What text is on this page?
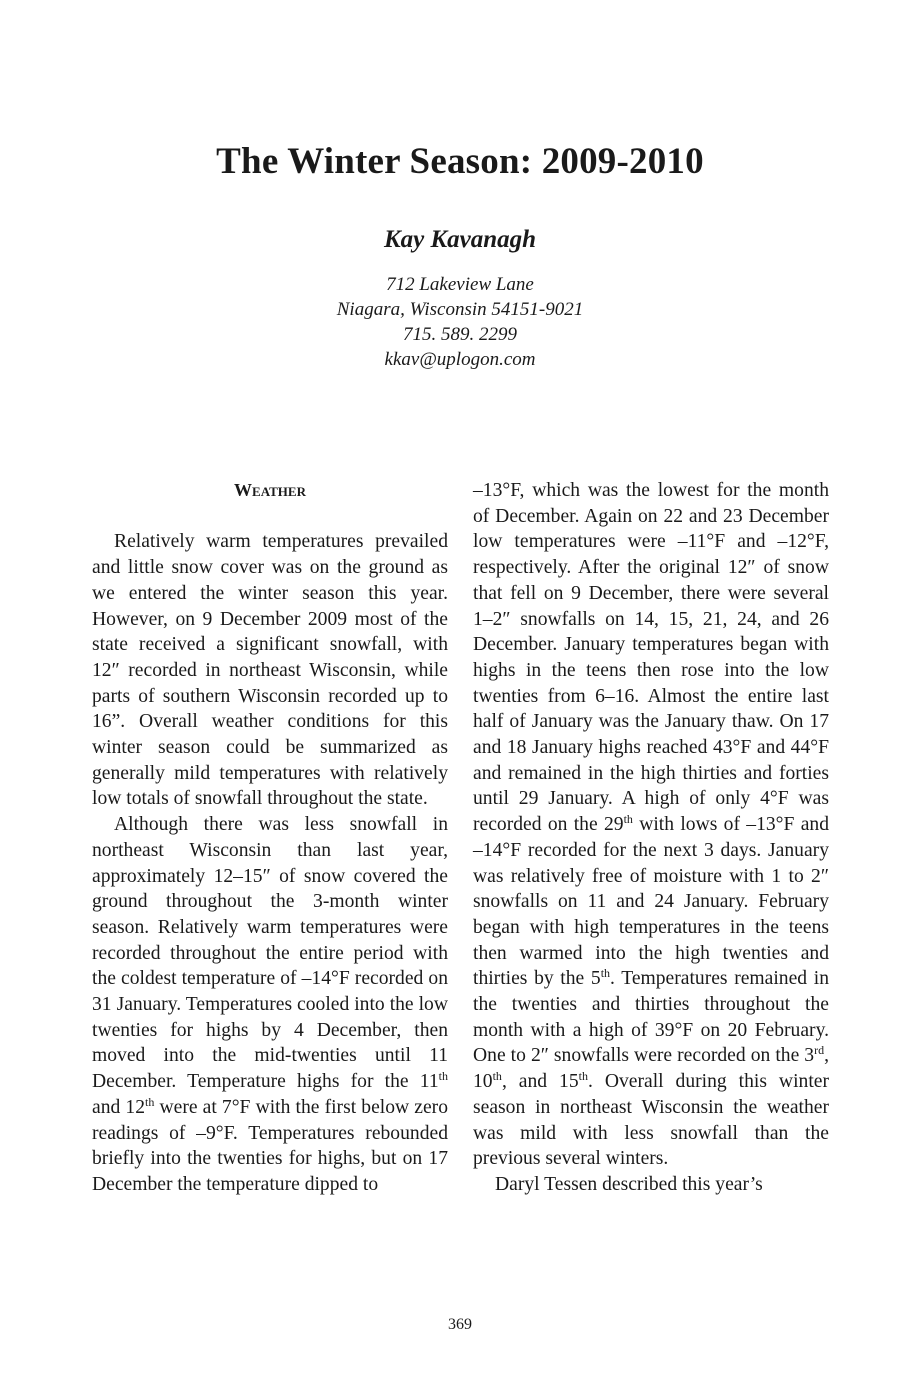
The Winter Season: 2009-2010
Kay Kavanagh
712 Lakeview Lane
Niagara, Wisconsin 54151-9021
715. 589. 2299
kkav@uplogon.com
Weather

Relatively warm temperatures prevailed and little snow cover was on the ground as we entered the winter season this year. However, on 9 December 2009 most of the state received a significant snowfall, with 12″ recorded in northeast Wisconsin, while parts of southern Wisconsin recorded up to 16”. Overall weather conditions for this winter season could be summarized as generally mild temperatures with relatively low totals of snowfall throughout the state.

Although there was less snowfall in northeast Wisconsin than last year, approximately 12–15″ of snow covered the ground throughout the 3-month winter season. Relatively warm temperatures were recorded throughout the entire period with the coldest temperature of –14°F recorded on 31 January. Temperatures cooled into the low twenties for highs by 4 December, then moved into the mid-twenties until 11 December. Temperature highs for the 11th and 12th were at 7°F with the first below zero readings of –9°F. Temperatures rebounded briefly into the twenties for highs, but on 17 December the temperature dipped to

–13°F, which was the lowest for the month of December. Again on 22 and 23 December low temperatures were –11°F and –12°F, respectively. After the original 12″ of snow that fell on 9 December, there were several 1–2″ snowfalls on 14, 15, 21, 24, and 26 December. January temperatures began with highs in the teens then rose into the low twenties from 6–16. Almost the entire last half of January was the January thaw. On 17 and 18 January highs reached 43°F and 44°F and remained in the high thirties and forties until 29 January. A high of only 4°F was recorded on the 29th with lows of –13°F and –14°F recorded for the next 3 days. January was relatively free of moisture with 1 to 2″ snowfalls on 11 and 24 January. February began with high temperatures in the teens then warmed into the high twenties and thirties by the 5th. Temperatures remained in the twenties and thirties throughout the month with a high of 39°F on 20 February. One to 2″ snowfalls were recorded on the 3rd, 10th, and 15th. Overall during this winter season in northeast Wisconsin the weather was mild with less snowfall than the previous several winters.

Daryl Tessen described this year’s

369
